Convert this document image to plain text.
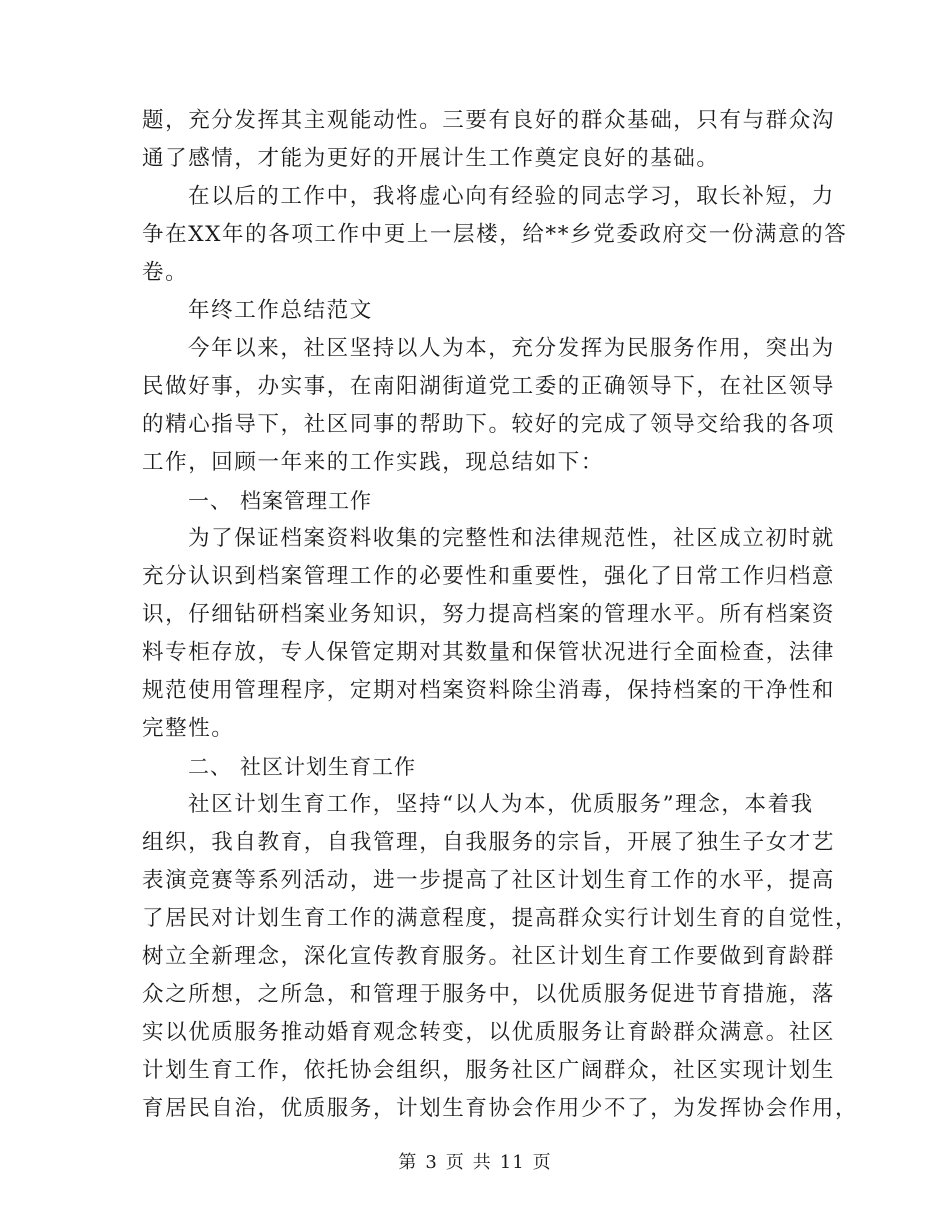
题，充分发挥其主观能动性。三要有良好的群众基础，只有与群众沟
通了感情，才能为更好的开展计生工作奠定良好的基础。

在以后的工作中，我将虚心向有经验的同志学习，取长补短，力
争在XX年的各项工作中更上一层楼，给**乡党委政府交一份满意的答
卷。

年终工作总结范文

今年以来，社区坚持以人为本，充分发挥为民服务作用，突出为
民做好事，办实事，在南阳湖街道党工委的正确领导下，在社区领导
的精心指导下，社区同事的帮助下。较好的完成了领导交给我的各项
工作，回顾一年来的工作实践，现总结如下：

一、 档案管理工作

为了保证档案资料收集的完整性和法律规范性，社区成立初时就
充分认识到档案管理工作的必要性和重要性，强化了日常工作归档意
识，仔细钻研档案业务知识，努力提高档案的管理水平。所有档案资
料专柜存放，专人保管定期对其数量和保管状况进行全面检查，法律
规范使用管理程序，定期对档案资料除尘消毒，保持档案的干净性和
完整性。

二、 社区计划生育工作

社区计划生育工作，坚持“以人为本，优质服务”理念，本着我
组织，我自教育，自我管理，自我服务的宗旨，开展了独生子女才艺
表演竞赛等系列活动，进一步提高了社区计划生育工作的水平，提高
了居民对计划生育工作的满意程度，提高群众实行计划生育的自觉性，
树立全新理念，深化宣传教育服务。社区计划生育工作要做到育龄群
众之所想，之所急，和管理于服务中，以优质服务促进节育措施，落
实以优质服务推动婚育观念转变，以优质服务让育龄群众满意。社区
计划生育工作，依托协会组织，服务社区广阔群众，社区实现计划生
育居民自治，优质服务，计划生育协会作用少不了，为发挥协会作用，

第 3 页 共 11 页
